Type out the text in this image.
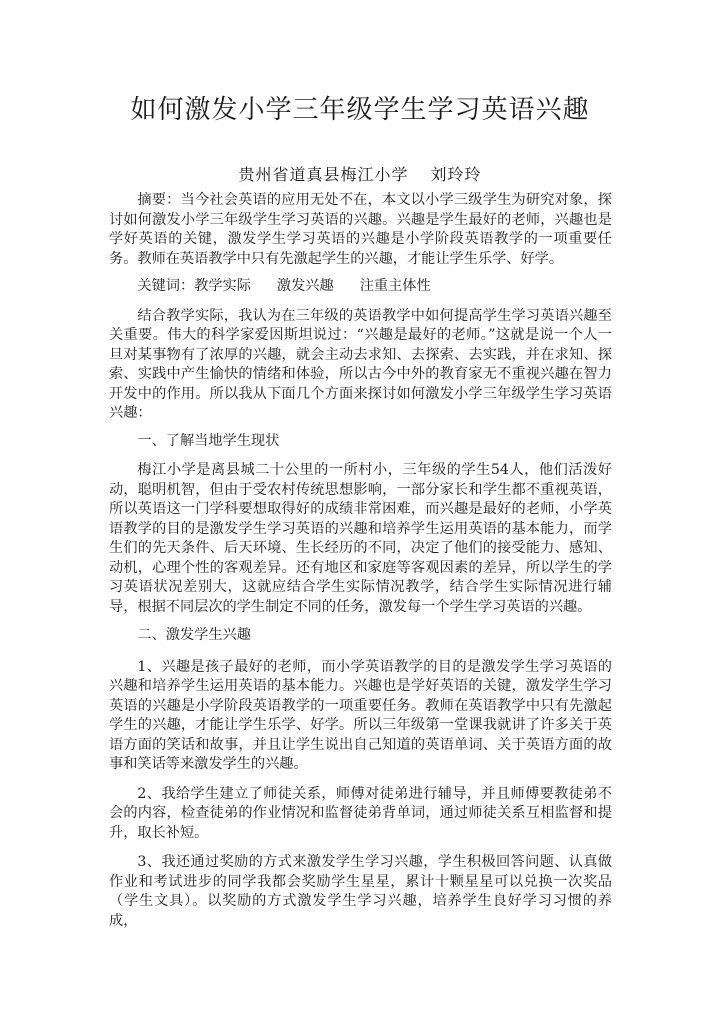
如何激发小学三年级学生学习英语兴趣
贵州省道真县梅江小学 刘玲玲

摘要：当今社会英语的应用无处不在，本文以小学三级学生为研究对象，探讨如何激发小学三年级学生学习英语的兴趣。兴趣是学生最好的老师，兴趣也是学好英语的关键，激发学生学习英语的兴趣是小学阶段英语教学的一项重要任务。教师在英语教学中只有先激起学生的兴趣，才能让学生乐学、好学。

关键词：教学实际 激发兴趣 注重主体性

结合教学实际，我认为在三年级的英语教学中如何提高学生学习英语兴趣至关重要。伟大的科学家爱因斯坦说过：“兴趣是最好的老师。”这就是说一个人一旦对某事物有了浓厚的兴趣，就会主动去求知、去探索、去实践，并在求知、探索、实践中产生愉快的情绪和体验，所以古今中外的教育家无不重视兴趣在智力开发中的作用。所以我从下面几个方面来探讨如何激发小学三年级学生学习英语兴趣：

一、了解当地学生现状

梅江小学是离县城二十公里的一所村小，三年级的学生54人，他们活泼好动，聪明机智，但由于受农村传统思想影响，一部分家长和学生都不重视英语，所以英语这一门学科要想取得好的成绩非常困难，而兴趣是最好的老师，小学英语教学的目的是激发学生学习英语的兴趣和培养学生运用英语的基本能力，而学生们的先天条件、后天环境、生长经历的不同，决定了他们的接受能力、感知、动机，心理个性的客观差异。还有地区和家庭等客观因素的差异，所以学生的学习英语状况差别大，这就应结合学生实际情况教学，结合学生实际情况进行辅导，根据不同层次的学生制定不同的任务，激发每一个学生学习英语的兴趣。

二、激发学生兴趣

1、兴趣是孩子最好的老师，而小学英语教学的目的是激发学生学习英语的兴趣和培养学生运用英语的基本能力。兴趣也是学好英语的关键，激发学生学习英语的兴趣是小学阶段英语教学的一项重要任务。教师在英语教学中只有先激起学生的兴趣，才能让学生乐学、好学。所以三年级第一堂课我就讲了许多关于英语方面的笑话和故事，并且让学生说出自己知道的英语单词、关于英语方面的故事和笑话等来激发学生的兴趣。

2、我给学生建立了师徒关系，师傅对徒弟进行辅导，并且师傅要教徒弟不会的内容，检查徒弟的作业情况和监督徒弟背单词，通过师徒关系互相监督和提升，取长补短。

3、我还通过奖励的方式来激发学生学习兴趣，学生积极回答问题、认真做作业和考试进步的同学我都会奖励学生星星，累计十颗星星可以兑换一次奖品（学生文具）。以奖励的方式激发学生学习兴趣，培养学生良好学习习惯的养成，
